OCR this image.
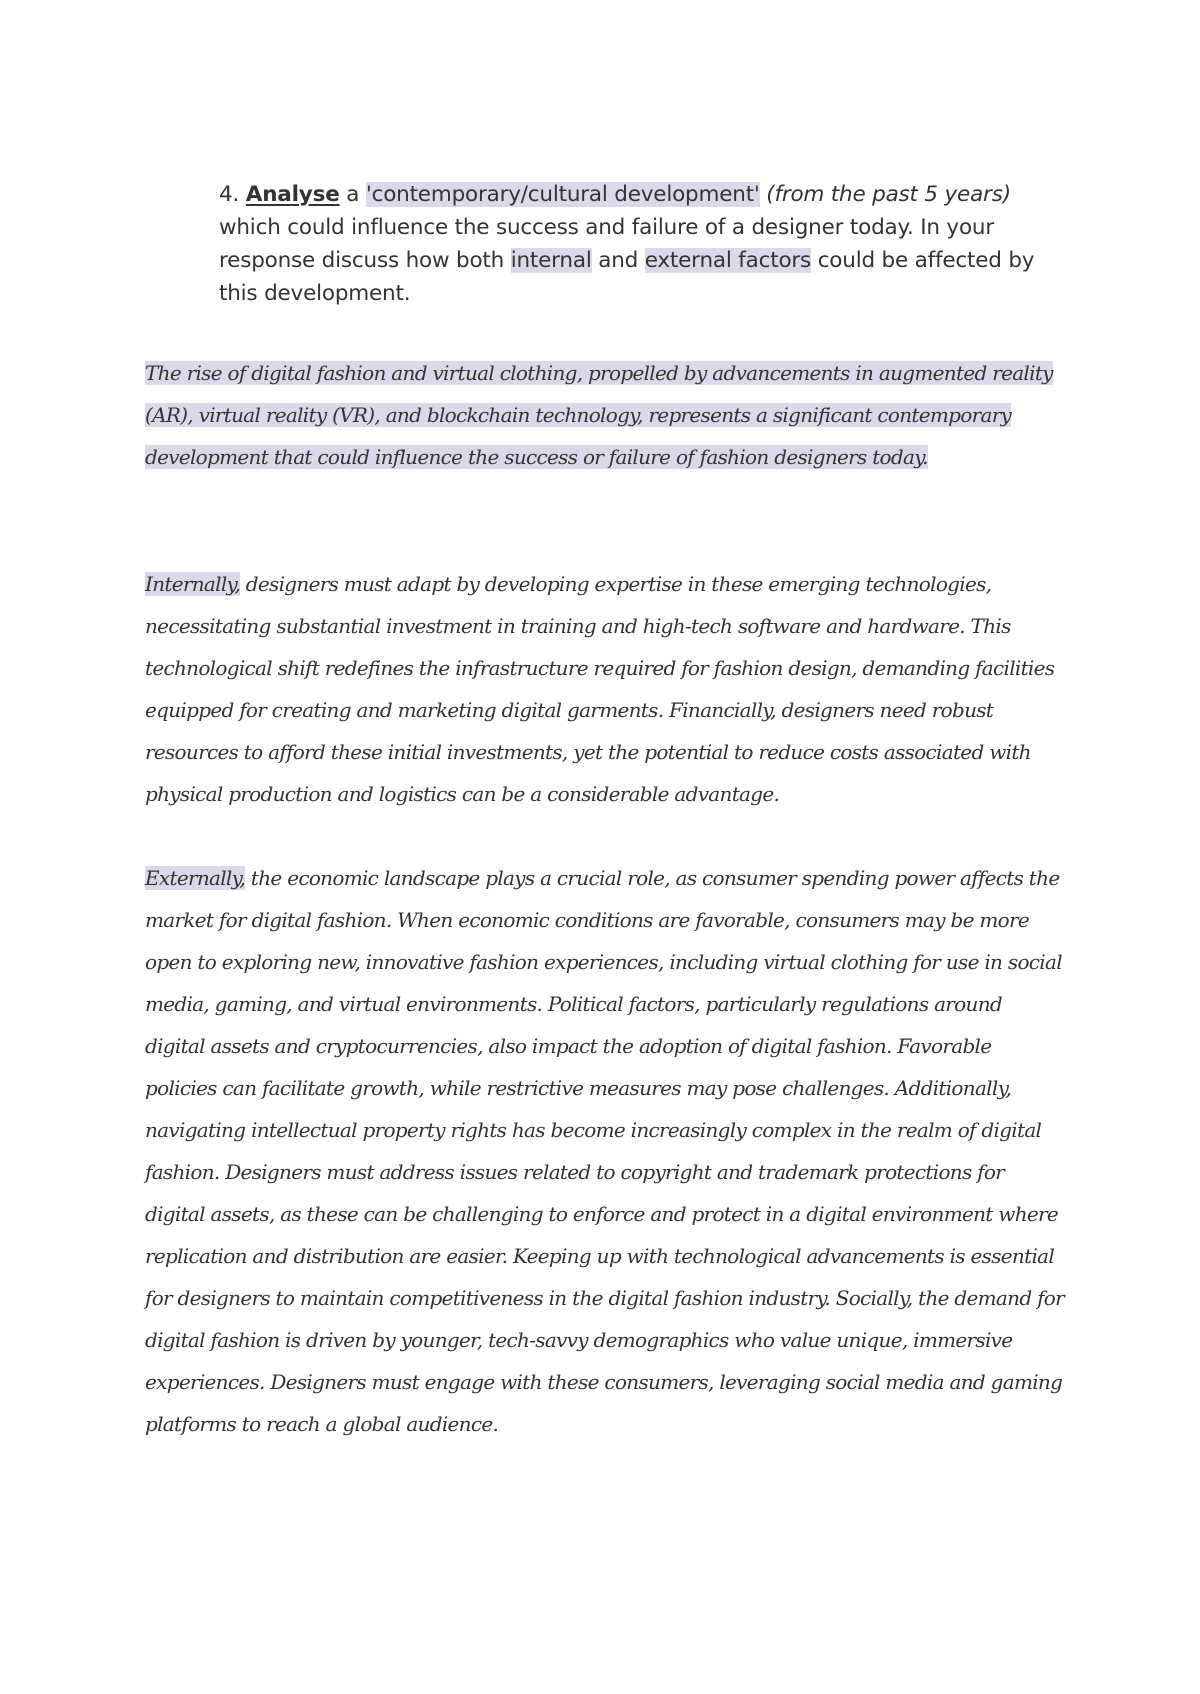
4. Analyse a 'contemporary/cultural development' (from the past 5 years) which could influence the success and failure of a designer today. In your response discuss how both internal and external factors could be affected by this development.

The rise of digital fashion and virtual clothing, propelled by advancements in augmented reality (AR), virtual reality (VR), and blockchain technology, represents a significant contemporary development that could influence the success or failure of fashion designers today.

Internally, designers must adapt by developing expertise in these emerging technologies, necessitating substantial investment in training and high-tech software and hardware. This technological shift redefines the infrastructure required for fashion design, demanding facilities equipped for creating and marketing digital garments. Financially, designers need robust resources to afford these initial investments, yet the potential to reduce costs associated with physical production and logistics can be a considerable advantage.

Externally, the economic landscape plays a crucial role, as consumer spending power affects the market for digital fashion. When economic conditions are favorable, consumers may be more open to exploring new, innovative fashion experiences, including virtual clothing for use in social media, gaming, and virtual environments. Political factors, particularly regulations around digital assets and cryptocurrencies, also impact the adoption of digital fashion. Favorable policies can facilitate growth, while restrictive measures may pose challenges. Additionally, navigating intellectual property rights has become increasingly complex in the realm of digital fashion. Designers must address issues related to copyright and trademark protections for digital assets, as these can be challenging to enforce and protect in a digital environment where replication and distribution are easier. Keeping up with technological advancements is essential for designers to maintain competitiveness in the digital fashion industry. Socially, the demand for digital fashion is driven by younger, tech-savvy demographics who value unique, immersive experiences. Designers must engage with these consumers, leveraging social media and gaming platforms to reach a global audience.
